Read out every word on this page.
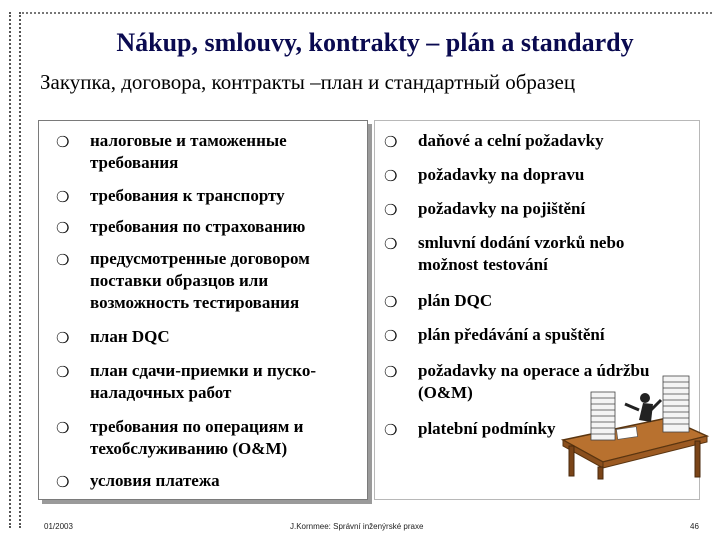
Nákup, smlouvy, kontrakty – plán a standardy
Закупка, договора, контракты –план и стандартный образец
❍ налоговые и таможенные
требования
❍ требования к транспорту
❍ требования по страхованию
❍ предусмотренные договором
поставки образцов или
возможность тестирования
❍ план DQC
❍ план сдачи-приемки и пуско-
наладочных работ
❍ требования по операциям и
техобслуживанию (O&M)
❍ условия платежа
❍ daňové a celní požadavky
❍ požadavky na dopravu
❍ požadavky na pojištění
❍ smluvní dodání vzorků nebo
možnost testování
❍ plán DQC
❍ plán předávání a spuštění
❍ požadavky na operace a údržbu
(O&M)
❍ platební podmínky
01/2003	J.Kornmee: Správní inženýrské praxe	46
